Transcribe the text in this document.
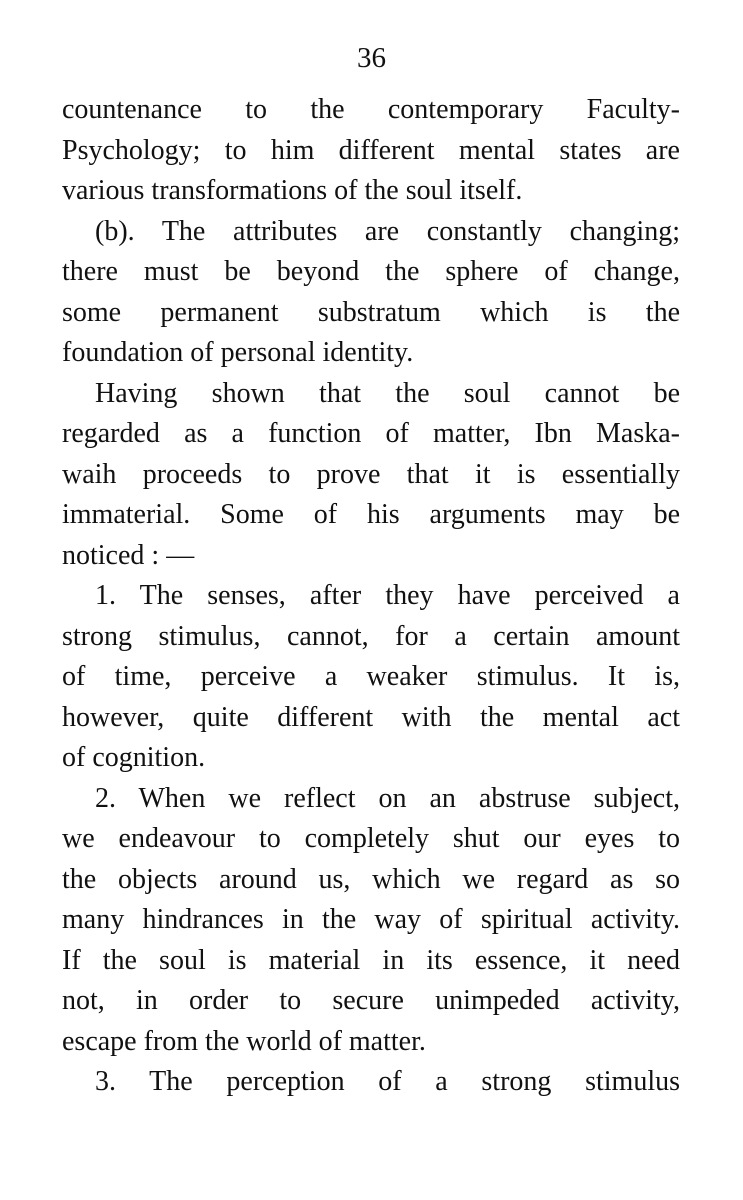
36
countenance to the contemporary Faculty-
Psychology; to him different mental states are
various transformations of the soul itself.
(b). The attributes are constantly changing;
there must be beyond the sphere of change,
some permanent substratum which is the
foundation of personal identity.
Having shown that the soul cannot be
regarded as a function of matter, Ibn Maska-
waih proceeds to prove that it is essentially
immaterial. Some of his arguments may be
noticed : —
1. The senses, after they have perceived a
strong stimulus, cannot, for a certain amount
of time, perceive a weaker stimulus. It is,
however, quite different with the mental act
of cognition.
2. When we reflect on an abstruse subject,
we endeavour to completely shut our eyes to
the objects around us, which we regard as so
many hindrances in the way of spiritual activity.
If the soul is material in its essence, it need
not, in order to secure unimpeded activity,
escape from the world of matter.
3. The perception of a strong stimulus
